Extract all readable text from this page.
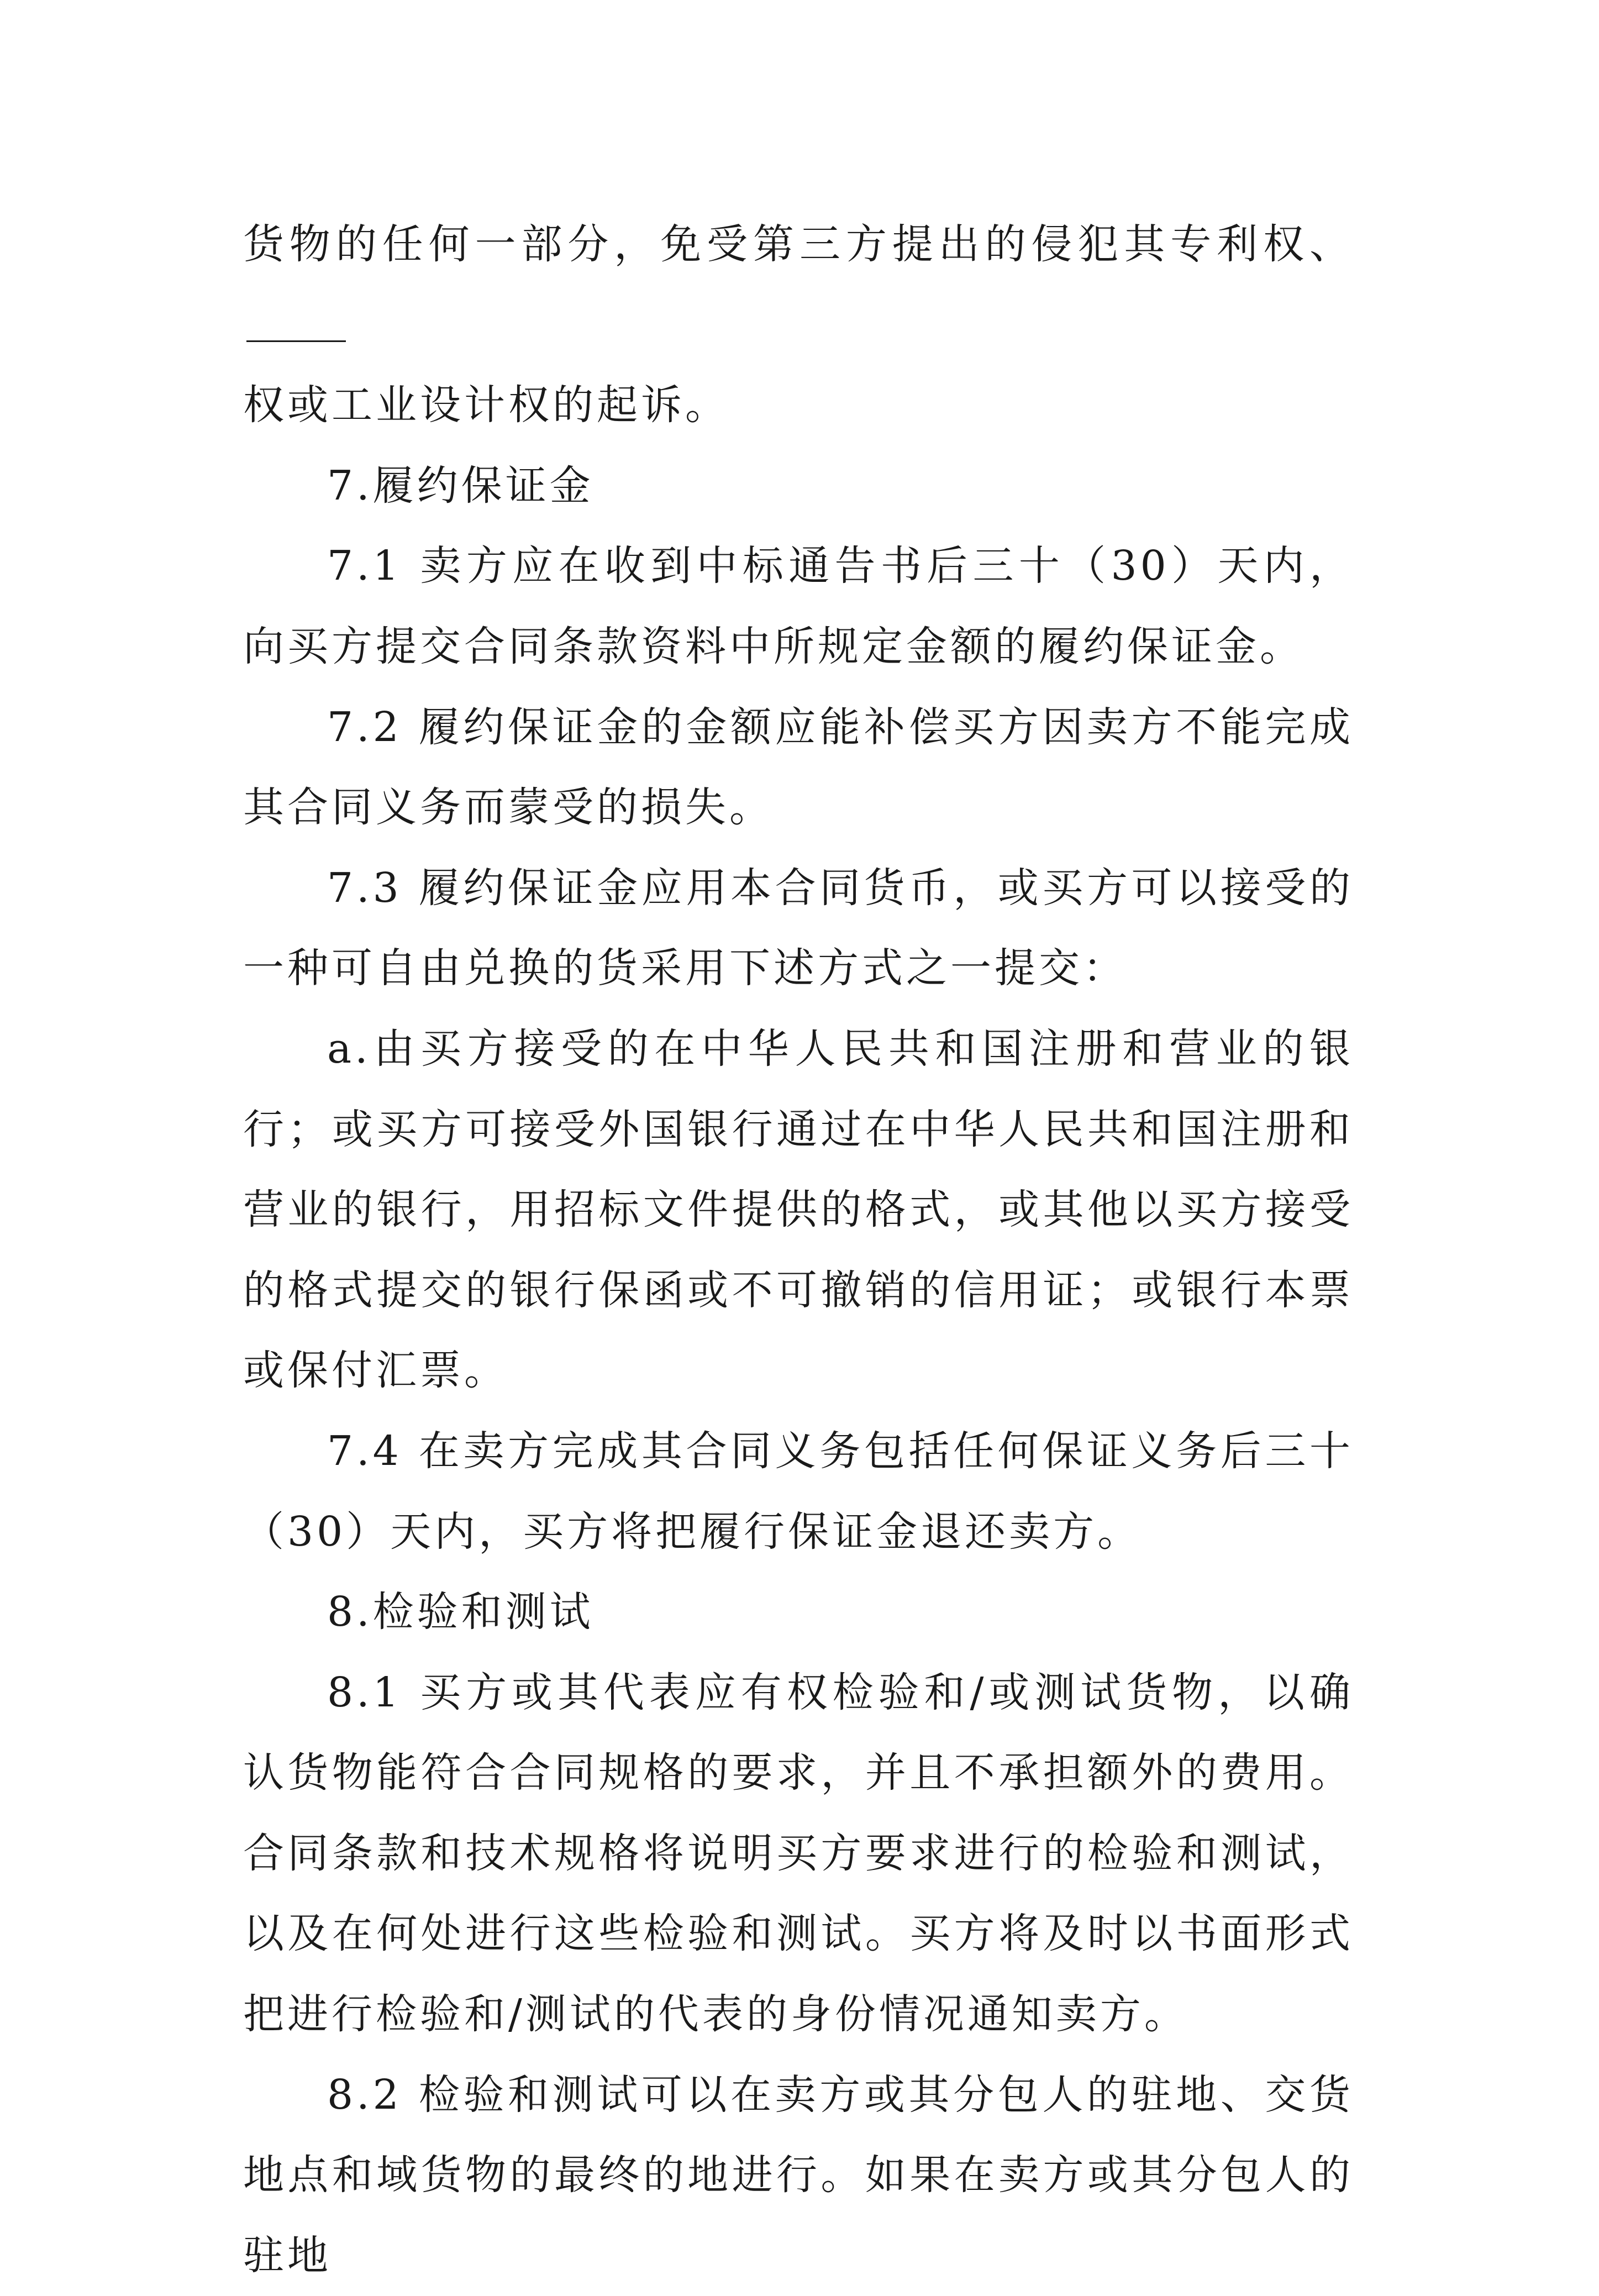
货物的任何一部分，免受第三方提出的侵犯其专利权、
权或工业设计权的起诉。

7.履约保证金

7.1 卖方应在收到中标通告书后三十（30）天内，向买方提交合同条款资料中所规定金额的履约保证金。

7.2 履约保证金的金额应能补偿买方因卖方不能完成其合同义务而蒙受的损失。

7.3 履约保证金应用本合同货币，或买方可以接受的一种可自由兑换的货采用下述方式之一提交：

a.由买方接受的在中华人民共和国注册和营业的银行；或买方可接受外国银行通过在中华人民共和国注册和营业的银行，用招标文件提供的格式，或其他以买方接受的格式提交的银行保函或不可撤销的信用证；或银行本票或保付汇票。

7.4 在卖方完成其合同义务包括任何保证义务后三十（30）天内，买方将把履行保证金退还卖方。

8.检验和测试

8.1 买方或其代表应有权检验和/或测试货物，以确认货物能符合合同规格的要求，并且不承担额外的费用。合同条款和技术规格将说明买方要求进行的检验和测试，以及在何处进行这些检验和测试。买方将及时以书面形式把进行检验和/测试的代表的身份情况通知卖方。

8.2 检验和测试可以在卖方或其分包人的驻地、交货地点和域货物的最终的地进行。如果在卖方或其分包人的驻地
